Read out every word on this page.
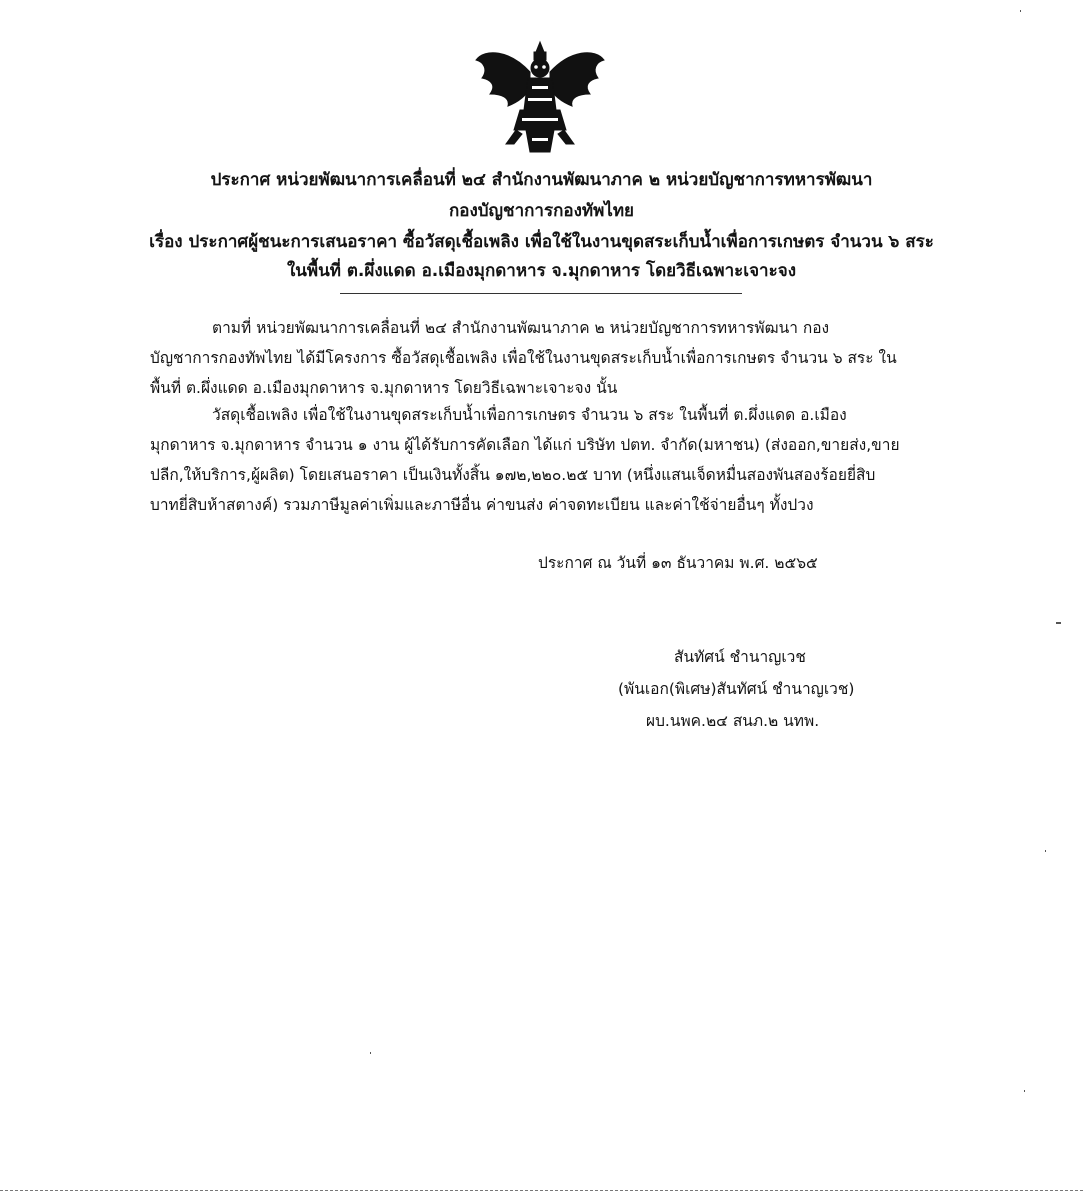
ประกาศ หน่วยพัฒนาการเคลื่อนที่ ๒๔ สำนักงานพัฒนาภาค ๒ หน่วยบัญชาการทหารพัฒนา
กองบัญชาการกองทัพไทย
เรื่อง ประกาศผู้ชนะการเสนอราคา ซื้อวัสดุเชื้อเพลิง เพื่อใช้ในงานขุดสระเก็บน้ำเพื่อการเกษตร จำนวน ๖ สระ
ในพื้นที่ ต.ผึ่งแดด อ.เมืองมุกดาหาร จ.มุกดาหาร โดยวิธีเฉพาะเจาะจง
ตามที่ หน่วยพัฒนาการเคลื่อนที่ ๒๔ สำนักงานพัฒนาภาค ๒ หน่วยบัญชาการทหารพัฒนา กอง
บัญชาการกองทัพไทย ได้มีโครงการ ซื้อวัสดุเชื้อเพลิง เพื่อใช้ในงานขุดสระเก็บน้ำเพื่อการเกษตร จำนวน ๖ สระ ใน
พื้นที่ ต.ผึ่งแดด อ.เมืองมุกดาหาร จ.มุกดาหาร โดยวิธีเฉพาะเจาะจง นั้น
วัสดุเชื้อเพลิง เพื่อใช้ในงานขุดสระเก็บน้ำเพื่อการเกษตร จำนวน ๖ สระ ในพื้นที่ ต.ผึ่งแดด อ.เมือง
มุกดาหาร จ.มุกดาหาร จำนวน ๑ งาน ผู้ได้รับการคัดเลือก ได้แก่ บริษัท ปตท. จำกัด(มหาชน) (ส่งออก,ขายส่ง,ขาย
ปลีก,ให้บริการ,ผู้ผลิต) โดยเสนอราคา เป็นเงินทั้งสิ้น ๑๗๒,๒๒๐.๒๕ บาท (หนึ่งแสนเจ็ดหมื่นสองพันสองร้อยยี่สิบ
บาทยี่สิบห้าสตางค์) รวมภาษีมูลค่าเพิ่มและภาษีอื่น ค่าขนส่ง ค่าจดทะเบียน และค่าใช้จ่ายอื่นๆ ทั้งปวง
ประกาศ ณ วันที่ ๑๓ ธันวาคม พ.ศ. ๒๕๖๕
สันทัศน์ ชำนาญเวช
(พันเอก(พิเศษ)สันทัศน์ ชำนาญเวช)
ผบ.นพค.๒๔ สนภ.๒ นทพ.
